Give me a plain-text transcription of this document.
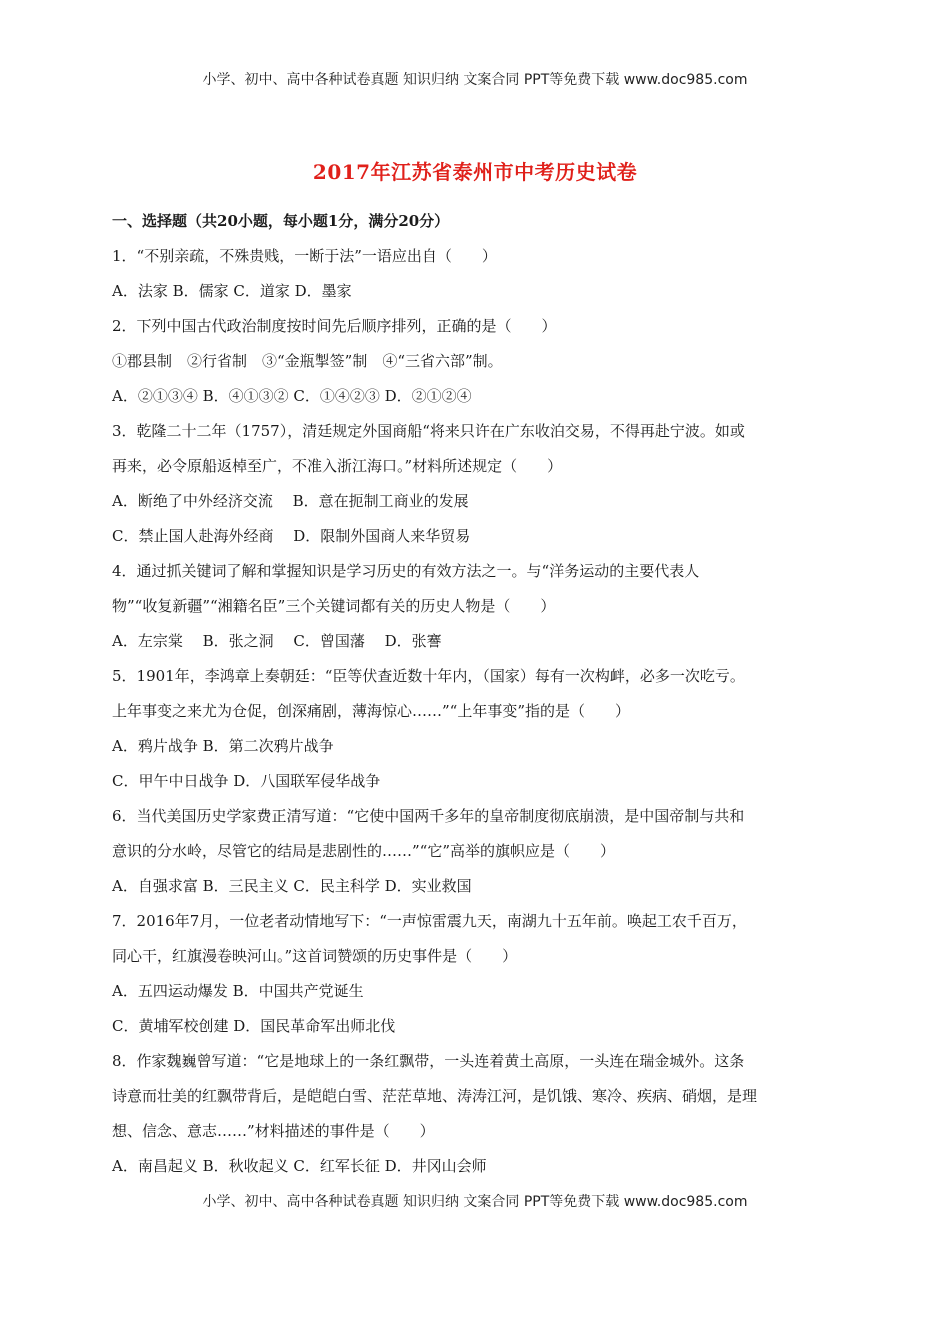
小学、初中、高中各种试卷真题 知识归纳 文案合同 PPT等免费下载 www.doc985.com
2017年江苏省泰州市中考历史试卷
一、选择题（共20小题，每小题1分，满分20分）
1．“不别亲疏，不殊贵贱，一断于法”一语应出自（　　）
A．法家 B．儒家 C．道家 D．墨家
2．下列中国古代政治制度按时间先后顺序排列，正确的是（　　）
①郡县制　②行省制　③“金瓶掣签”制　④“三省六部”制。
A．②①③④ B．④①③② C．①④②③ D．②①②④
3．乾隆二十二年（1757），清廷规定外国商船“将来只许在广东收泊交易，不得再赴宁波。如或
再来，必令原船返棹至广，不准入浙江海口。”材料所述规定（　　）
A．断绝了中外经济交流　 B．意在扼制工商业的发展
C．禁止国人赴海外经商　 D．限制外国商人来华贸易
4．通过抓关键词了解和掌握知识是学习历史的有效方法之一。与“洋务运动的主要代表人
物”“收复新疆”“湘籍名臣”三个关键词都有关的历史人物是（　　）
A．左宗棠　 B．张之洞　 C．曾国藩　 D．张謇
5．1901年，李鸿章上奏朝廷：“臣等伏查近数十年内，（国家）每有一次构衅，必多一次吃亏。
上年事变之来尤为仓促，创深痛剧，薄海惊心……”“上年事变”指的是（　　）
A．鸦片战争 B．第二次鸦片战争
C．甲午中日战争 D．八国联军侵华战争
6．当代美国历史学家费正清写道：“它使中国两千多年的皇帝制度彻底崩溃，是中国帝制与共和
意识的分水岭，尽管它的结局是悲剧性的……”“它”高举的旗帜应是（　　）
A．自强求富 B．三民主义 C．民主科学 D．实业救国
7．2016年7月，一位老者动情地写下：“一声惊雷震九天，南湖九十五年前。唤起工农千百万，
同心干，红旗漫卷映河山。”这首词赞颂的历史事件是（　　）
A．五四运动爆发 B．中国共产党诞生
C．黄埔军校创建 D．国民革命军出师北伐
8．作家魏巍曾写道：“它是地球上的一条红飘带，一头连着黄土高原，一头连在瑞金城外。这条
诗意而壮美的红飘带背后，是皑皑白雪、茫茫草地、涛涛江河，是饥饿、寒冷、疾病、硝烟，是理
想、信念、意志……”材料描述的事件是（　　）
A．南昌起义 B．秋收起义 C．红军长征 D．井冈山会师
小学、初中、高中各种试卷真题 知识归纳 文案合同 PPT等免费下载 www.doc985.com
